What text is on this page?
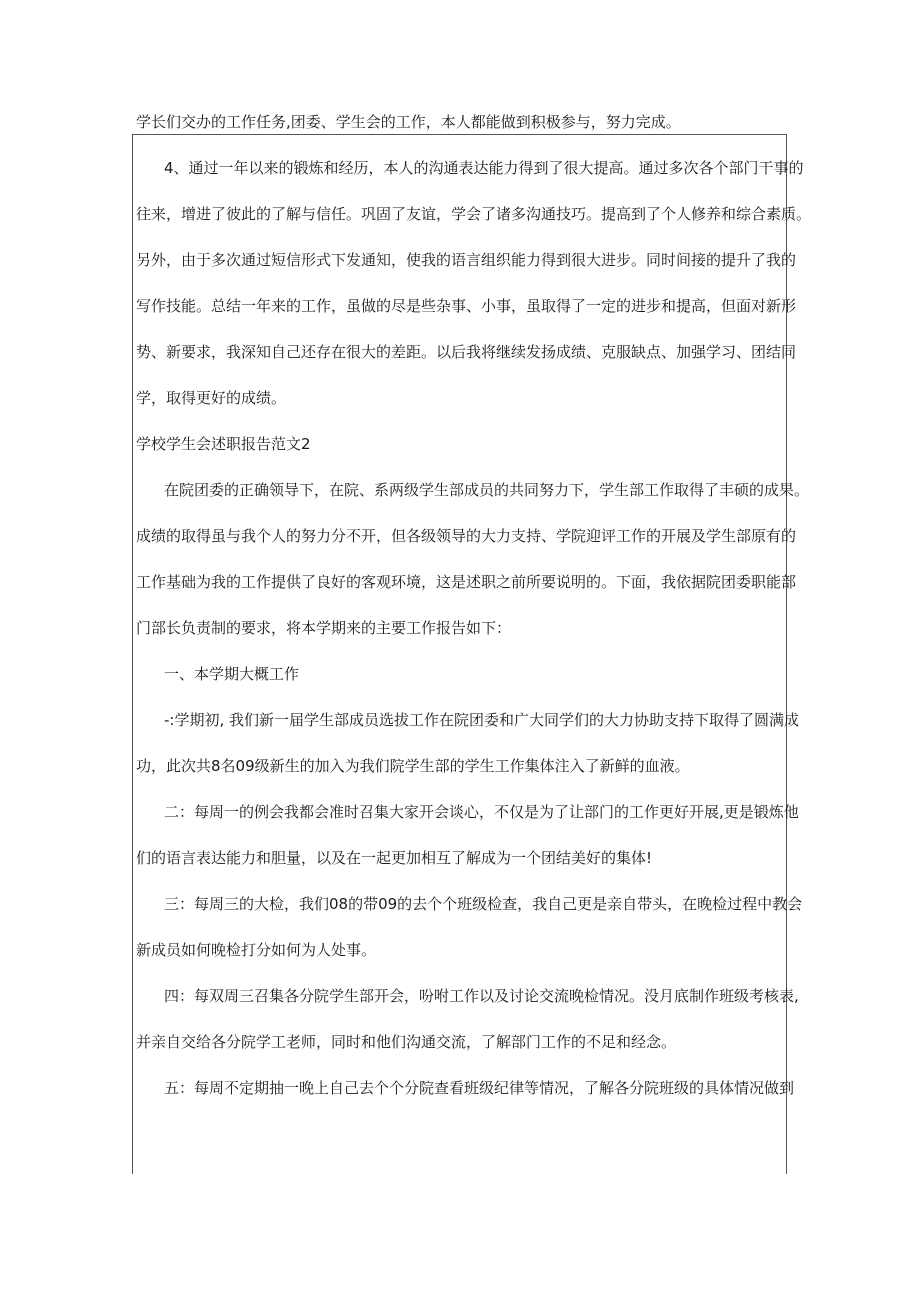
学长们交办的工作任务,团委、学生会的工作，本人都能做到积极参与，努力完成。
4、通过一年以来的锻炼和经历，本人的沟通表达能力得到了很大提高。通过多次各个部门干事的
往来，增进了彼此的了解与信任。巩固了友谊，学会了诸多沟通技巧。提高到了个人修养和综合素质。
另外，由于多次通过短信形式下发通知，使我的语言组织能力得到很大进步。同时间接的提升了我的
写作技能。总结一年来的工作，虽做的尽是些杂事、小事，虽取得了一定的进步和提高，但面对新形
势、新要求，我深知自己还存在很大的差距。以后我将继续发扬成绩、克服缺点、加强学习、团结同
学，取得更好的成绩。
学校学生会述职报告范文2
在院团委的正确领导下，在院、系两级学生部成员的共同努力下，学生部工作取得了丰硕的成果。
成绩的取得虽与我个人的努力分不开，但各级领导的大力支持、学院迎评工作的开展及学生部原有的
工作基础为我的工作提供了良好的客观环境，这是述职之前所要说明的。下面，我依据院团委职能部
门部长负责制的要求，将本学期来的主要工作报告如下：
一、本学期大概工作
-:学期初, 我们新一届学生部成员选拔工作在院团委和广大同学们的大力协助支持下取得了圆满成
功，此次共8名09级新生的加入为我们院学生部的学生工作集体注入了新鲜的血液。
二：每周一的例会我都会准时召集大家开会谈心，不仅是为了让部门的工作更好开展,更是锻炼他
们的语言表达能力和胆量，以及在一起更加相互了解成为一个团结美好的集体!
三：每周三的大检，我们08的带09的去个个班级检查，我自己更是亲自带头，在晚检过程中教会
新成员如何晚检打分如何为人处事。
四：每双周三召集各分院学生部开会，吩咐工作以及讨论交流晚检情况。没月底制作班级考核表,
并亲自交给各分院学工老师，同时和他们沟通交流，了解部门工作的不足和经念。
五：每周不定期抽一晚上自己去个个分院查看班级纪律等情况，了解各分院班级的具体情况做到
